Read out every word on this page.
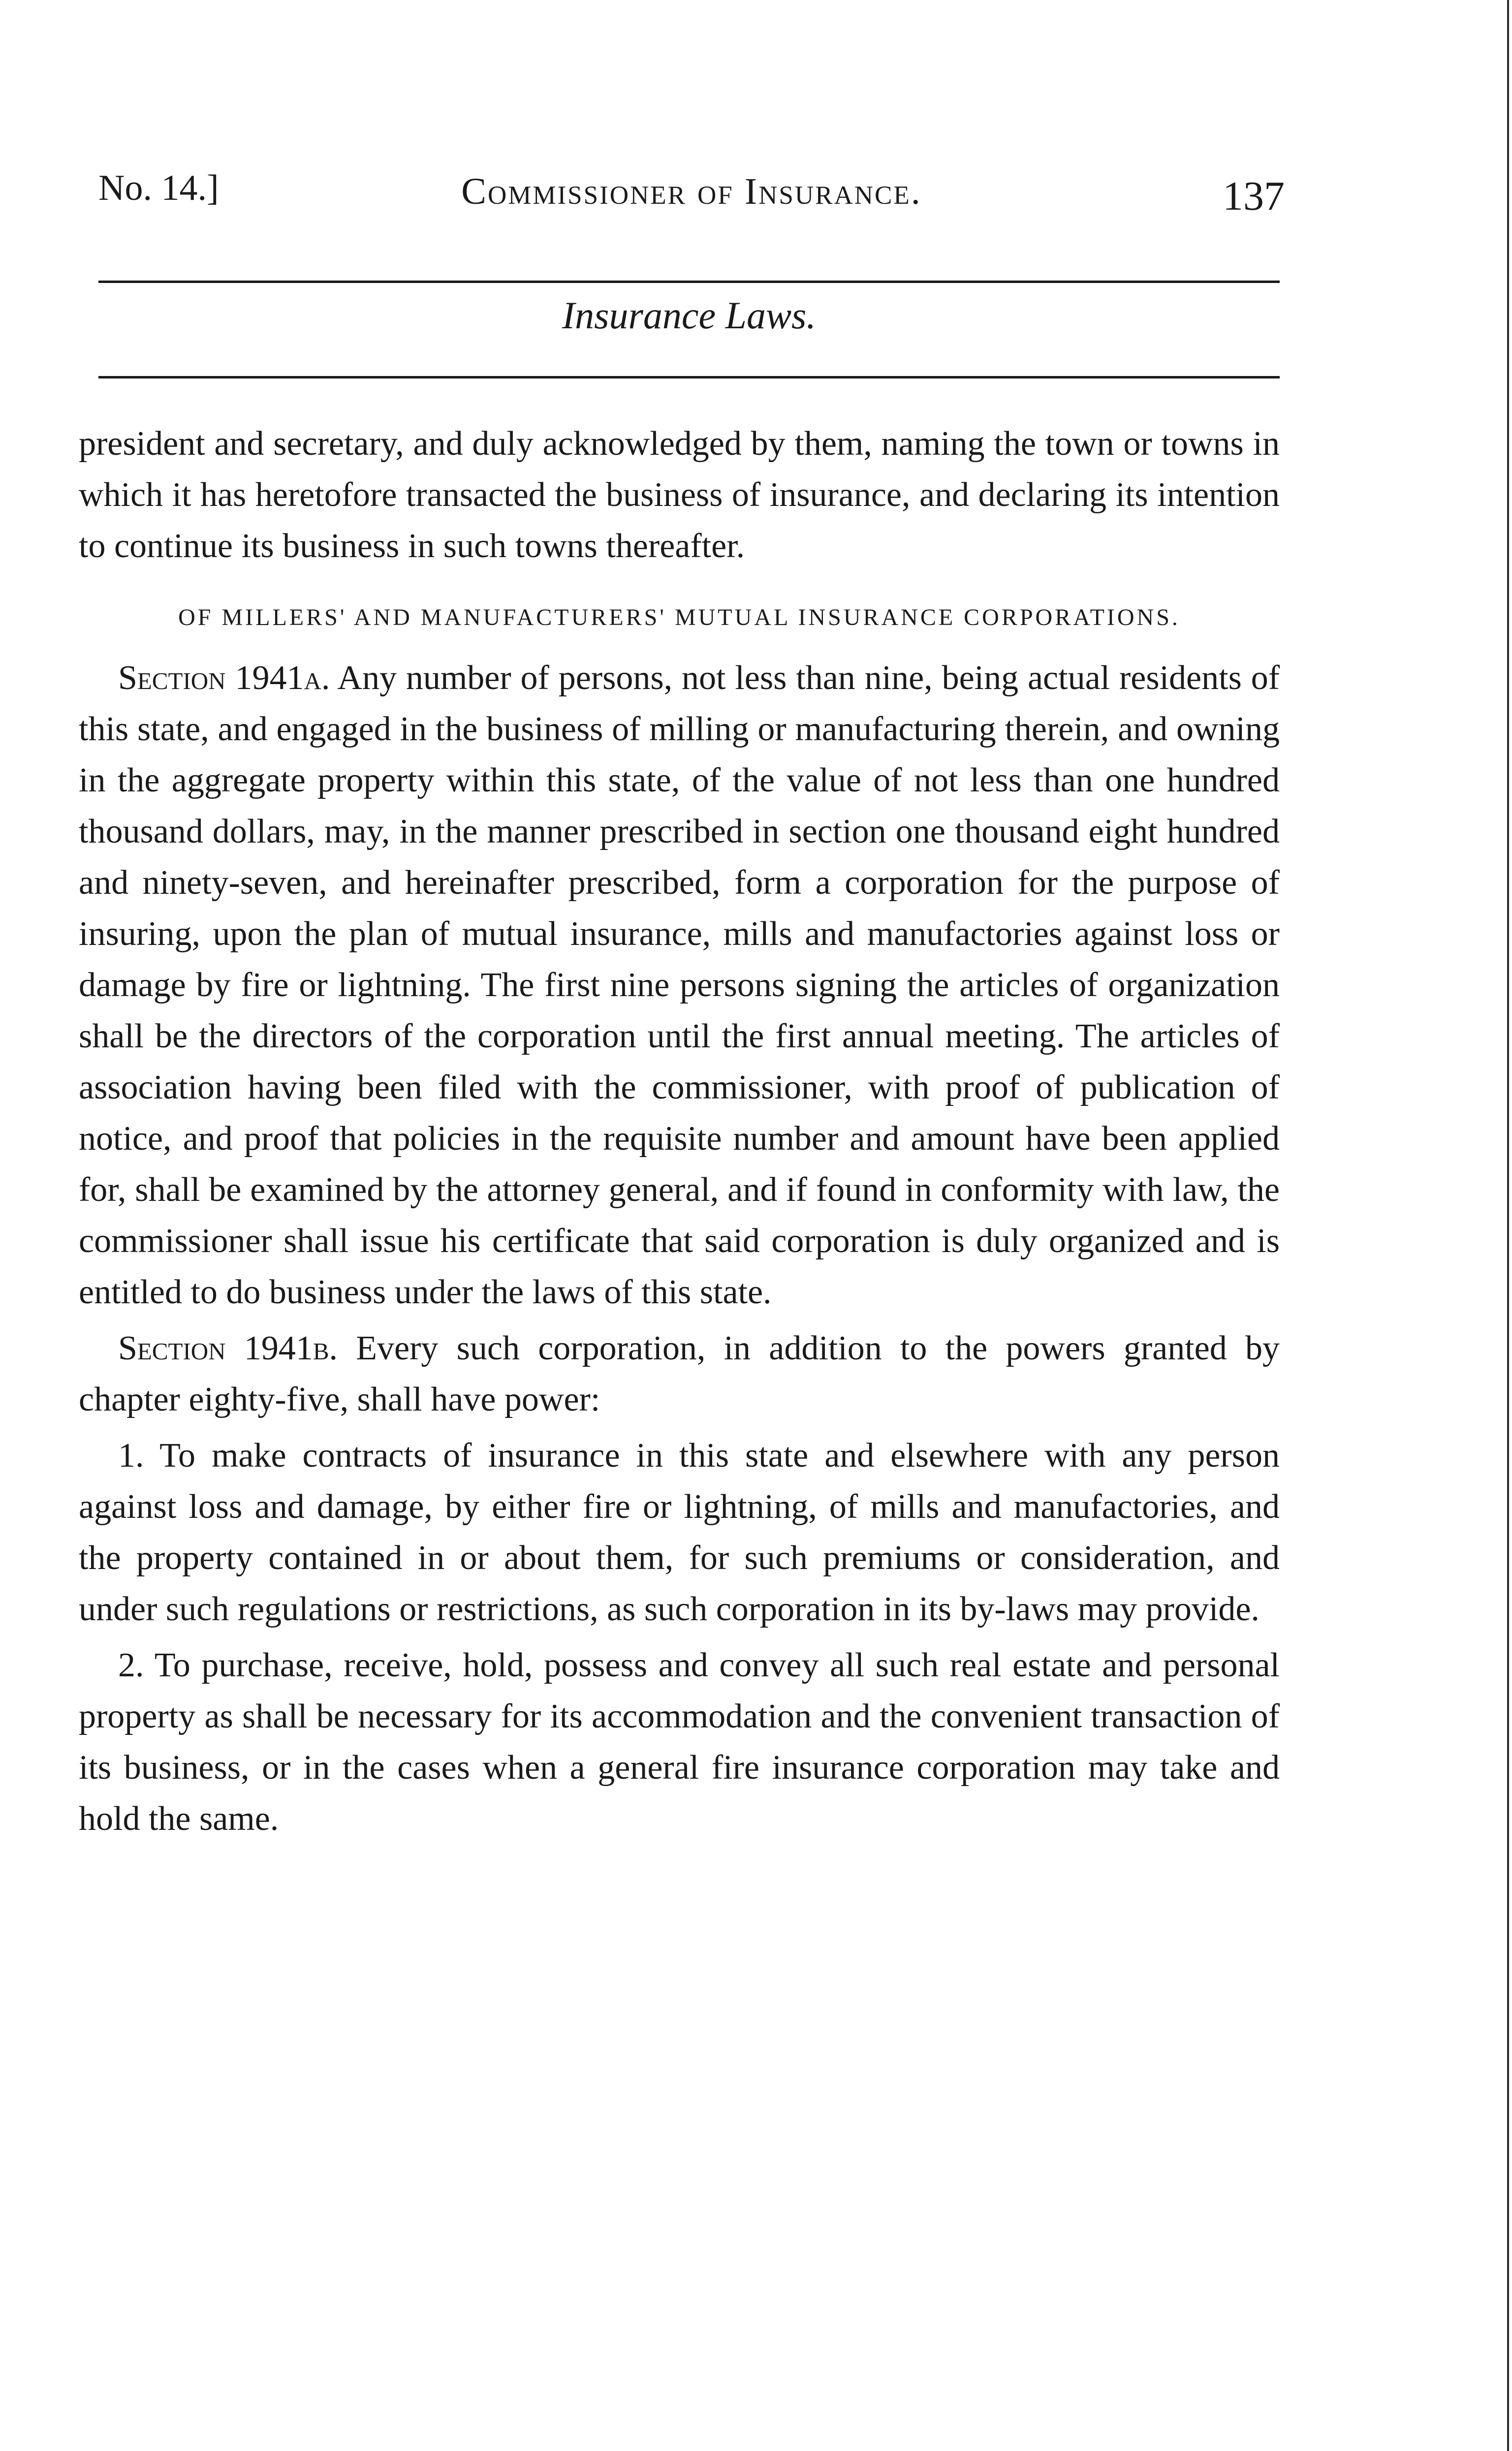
No. 14.]	Commissioner of Insurance.	137
Insurance Laws.

president and secretary, and duly acknowledged by them, naming the town or towns in which it has heretofore transacted the business of insurance, and declaring its intention to continue its business in such towns thereafter.

OF MILLERS' AND MANUFACTURERS' MUTUAL INSURANCE CORPORATIONS.

Section 1941a. Any number of persons, not less than nine, being actual residents of this state, and engaged in the business of milling or manufacturing therein, and owning in the aggregate property within this state, of the value of not less than one hundred thousand dollars, may, in the manner prescribed in section one thousand eight hundred and ninety-seven, and hereinafter prescribed, form a corporation for the purpose of insuring, upon the plan of mutual insurance, mills and manufactories against loss or damage by fire or lightning. The first nine persons signing the articles of organization shall be the directors of the corporation until the first annual meeting. The articles of association having been filed with the commissioner, with proof of publication of notice, and proof that policies in the requisite number and amount have been applied for, shall be examined by the attorney general, and if found in conformity with law, the commissioner shall issue his certificate that said corporation is duly organized and is entitled to do business under the laws of this state.

Section 1941b. Every such corporation, in addition to the powers granted by chapter eighty-five, shall have power:

1. To make contracts of insurance in this state and elsewhere with any person against loss and damage, by either fire or lightning, of mills and manufactories, and the property contained in or about them, for such premiums or consideration, and under such regulations or restrictions, as such corporation in its by-laws may provide.

2. To purchase, receive, hold, possess and convey all such real estate and personal property as shall be necessary for its accommodation and the convenient transaction of its business, or in the cases when a general fire insurance corporation may take and hold the same.
